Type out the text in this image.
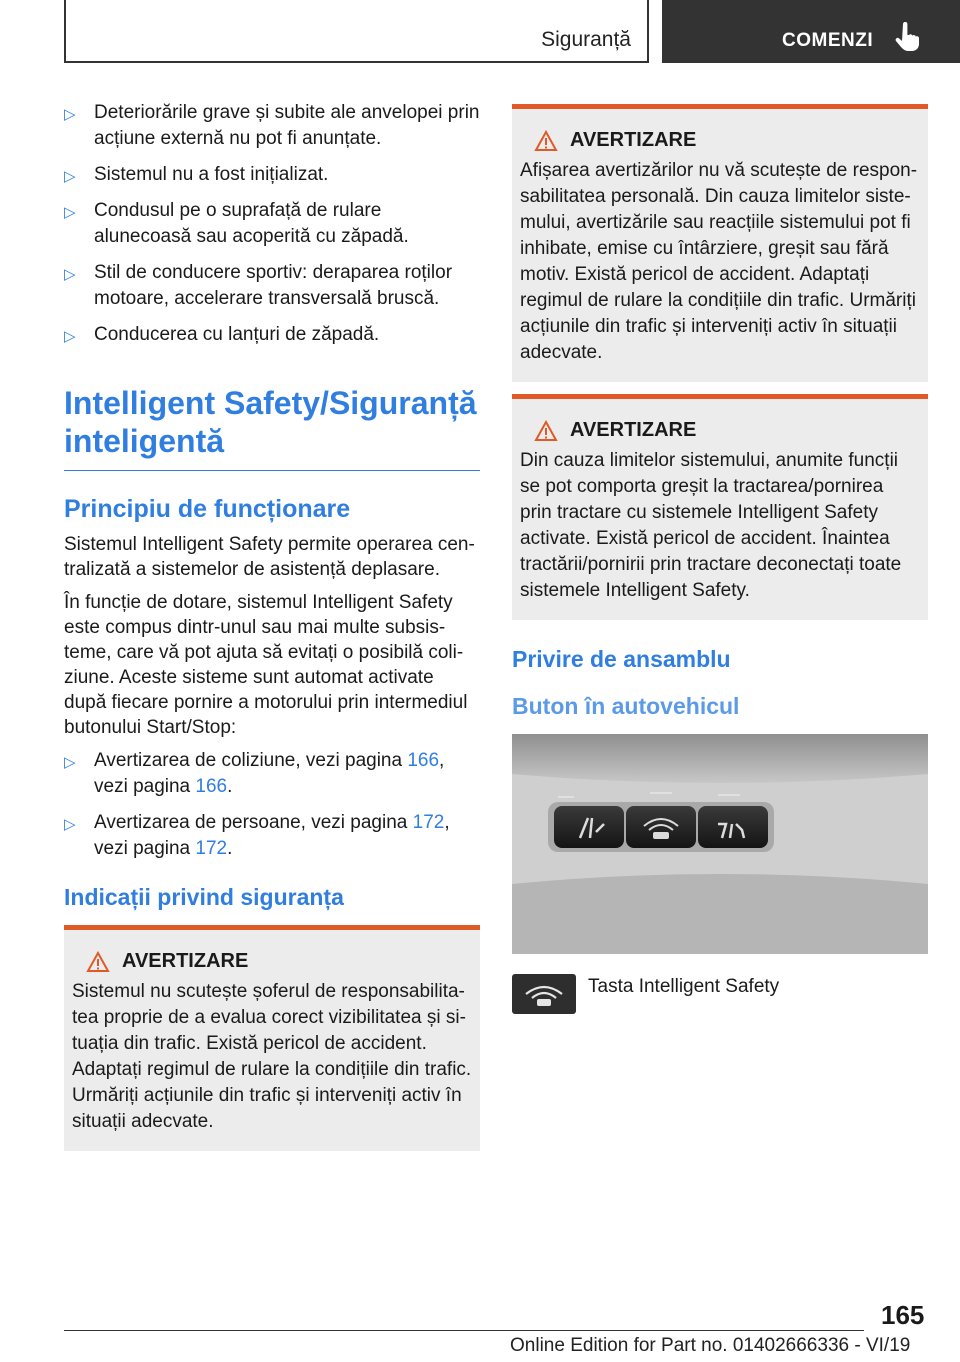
Siguranță	COMENZI
▷ Deteriorările grave și subite ale anvelopei prin acțiune externă nu pot fi anunțate.
▷ Sistemul nu a fost inițializat.
▷ Condusul pe o suprafață de rulare alunecoasă sau acoperită cu zăpadă.
▷ Stil de conducere sportiv: deraparea roților motoare, accelerare transversală bruscă.
▷ Conducerea cu lanțuri de zăpadă.
Intelligent Safety/Siguranță inteligentă
Principiu de funcționare

Sistemul Intelligent Safety permite operarea centralizată a sistemelor de asistență deplasare.

În funcție de dotare, sistemul Intelligent Safety este compus dintr-unul sau mai multe subsisteme, care vă pot ajuta să evitați o posibilă coliziune. Aceste sisteme sunt automat activate după fiecare pornire a motorului prin intermediul butonului Start/Stop:

▷ Avertizarea de coliziune, vezi pagina 166, vezi pagina 166.
▷ Avertizarea de persoane, vezi pagina 172, vezi pagina 172.
Indicații privind siguranța
AVERTIZARE
Sistemul nu scutește șoferul de responsabilitatea proprie de a evalua corect vizibilitatea și situația din trafic. Există pericol de accident. Adaptați regimul de rulare la condițiile din trafic. Urmăriți acțiunile din trafic și interveniți activ în situații adecvate.
AVERTIZARE
Afișarea avertizărilor nu vă scutește de responsabilitatea personală. Din cauza limitelor sistemului, avertizările sau reacțiile sistemului pot fi inhibate, emise cu întârziere, greșit sau fără motiv. Există pericol de accident. Adaptați regimul de rulare la condițiile din trafic. Urmăriți acțiunile din trafic și interveniți activ în situații adecvate.
AVERTIZARE
Din cauza limitelor sistemului, anumite funcții se pot comporta greșit la tractarea/pornirea prin tractare cu sistemele Intelligent Safety activate. Există pericol de accident. Înaintea tractării/pornirii prin tractare deconectați toate sistemele Intelligent Safety.
Privire de ansamblu
Buton în autovehicul
Tasta Intelligent Safety
165
Online Edition for Part no. 01402666336 - VI/19
